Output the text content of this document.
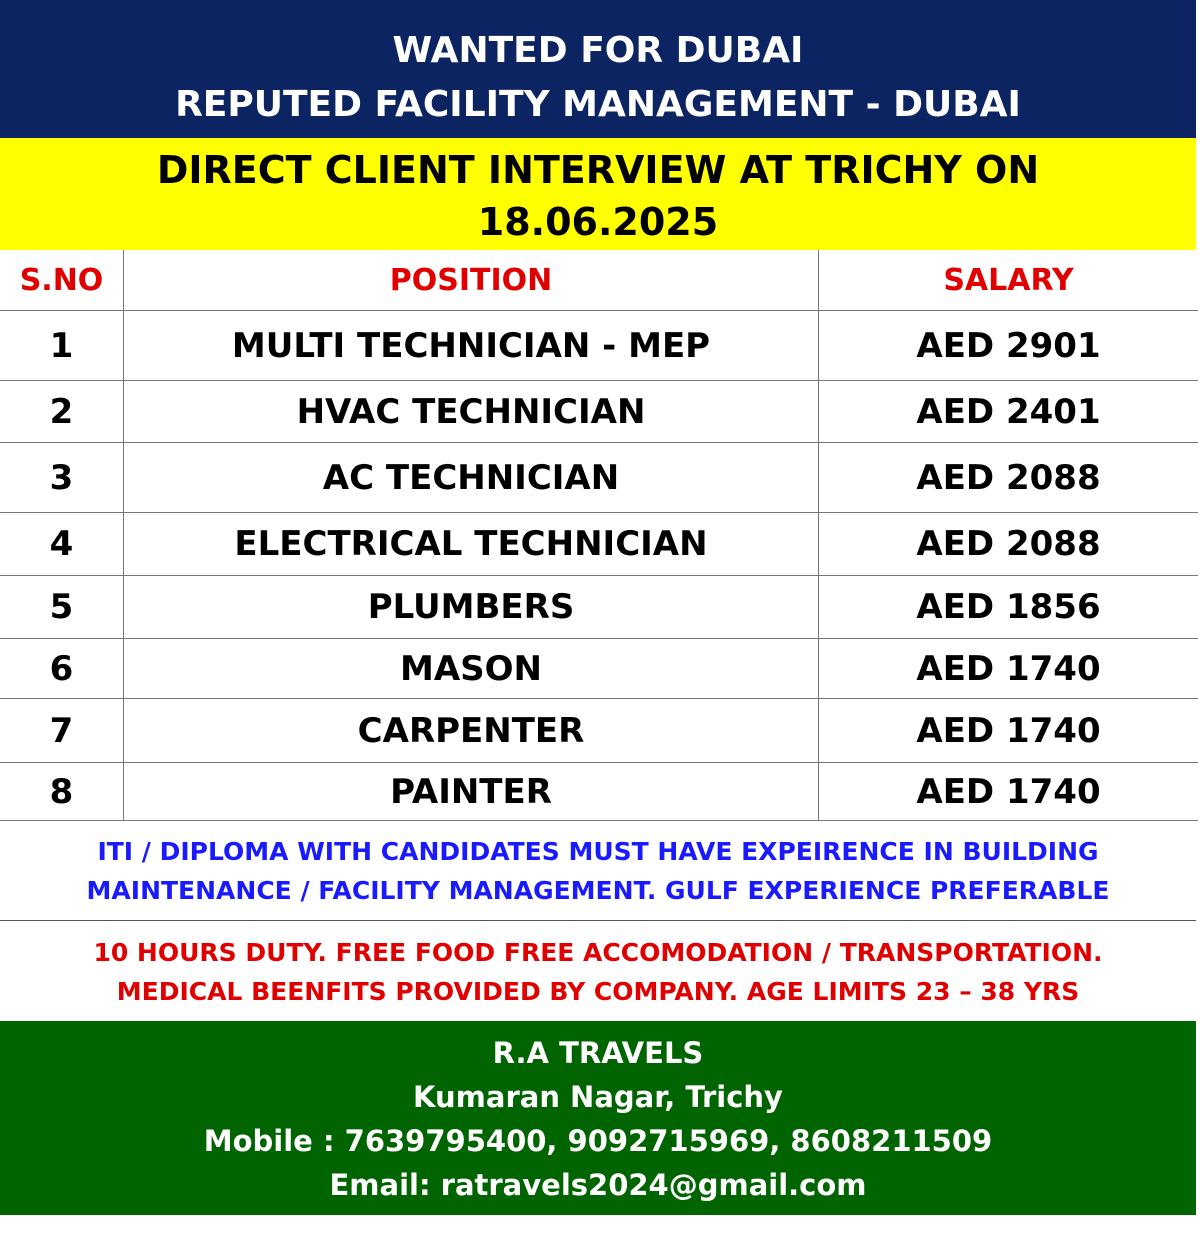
WANTED FOR DUBAI
REPUTED FACILITY MANAGEMENT - DUBAI
DIRECT CLIENT INTERVIEW AT TRICHY ON
18.06.2025
S.NO	POSITION	SALARY
1	MULTI TECHNICIAN - MEP	AED 2901
2	HVAC TECHNICIAN	AED 2401
3	AC TECHNICIAN	AED 2088
4	ELECTRICAL TECHNICIAN	AED 2088
5	PLUMBERS	AED 1856
6	MASON	AED 1740
7	CARPENTER	AED 1740
8	PAINTER	AED 1740
ITI / DIPLOMA WITH CANDIDATES MUST HAVE EXPEIRENCE IN BUILDING
MAINTENANCE / FACILITY MANAGEMENT. GULF EXPERIENCE PREFERABLE
10 HOURS DUTY. FREE FOOD FREE ACCOMODATION / TRANSPORTATION.
MEDICAL BEENFITS PROVIDED BY COMPANY. AGE LIMITS 23 – 38 YRS
R.A TRAVELS
Kumaran Nagar, Trichy
Mobile : 7639795400, 9092715969, 8608211509
Email: ratravels2024@gmail.com
